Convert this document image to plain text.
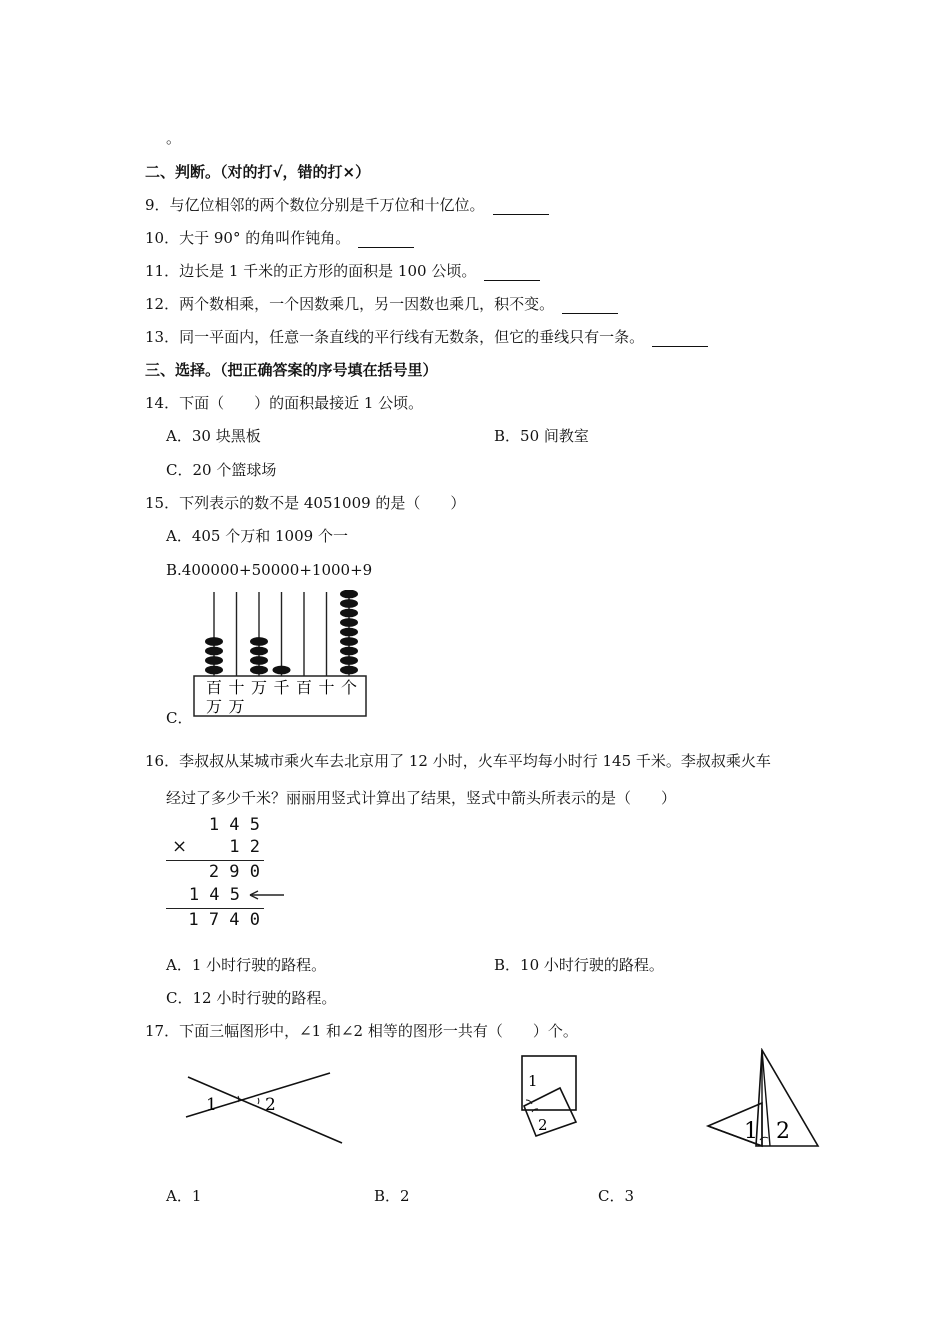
。
二、判断。（对的打√，错的打×）
9．与亿位相邻的两个数位分别是千万位和十亿位。
10．大于 90° 的角叫作钝角。
11．边长是 1 千米的正方形的面积是 100 公顷。
12．两个数相乘，一个因数乘几，另一因数也乘几，积不变。
13．同一平面内，任意一条直线的平行线有无数条，但它的垂线只有一条。
三、选择。（把正确答案的序号填在括号里）
14．下面（　　）的面积最接近 1 公顷。
A．30 块黑板	B．50 间教室
C．20 个篮球场
15．下列表示的数不是 4051009 的是（　　）
A．405 个万和 1009 个一
B.400000+50000+1000+9
C．
百 十 万 千 百 十 个
万 万
16．李叔叔从某城市乘火车去北京用了 12 小时，火车平均每小时行 145 千米。李叔叔乘火车
经过了多少千米？丽丽用竖式计算出了结果，竖式中箭头所表示的是（　　）
1 4 5
× 1 2
2 9 0
1 4 5
1 7 4 0
A．1 小时行驶的路程。	B．10 小时行驶的路程。
C．12 小时行驶的路程。
17．下面三幅图形中，∠1 和∠2 相等的图形一共有（　　）个。
1	2
1
2	1 2
A．1	B．2	C．3
